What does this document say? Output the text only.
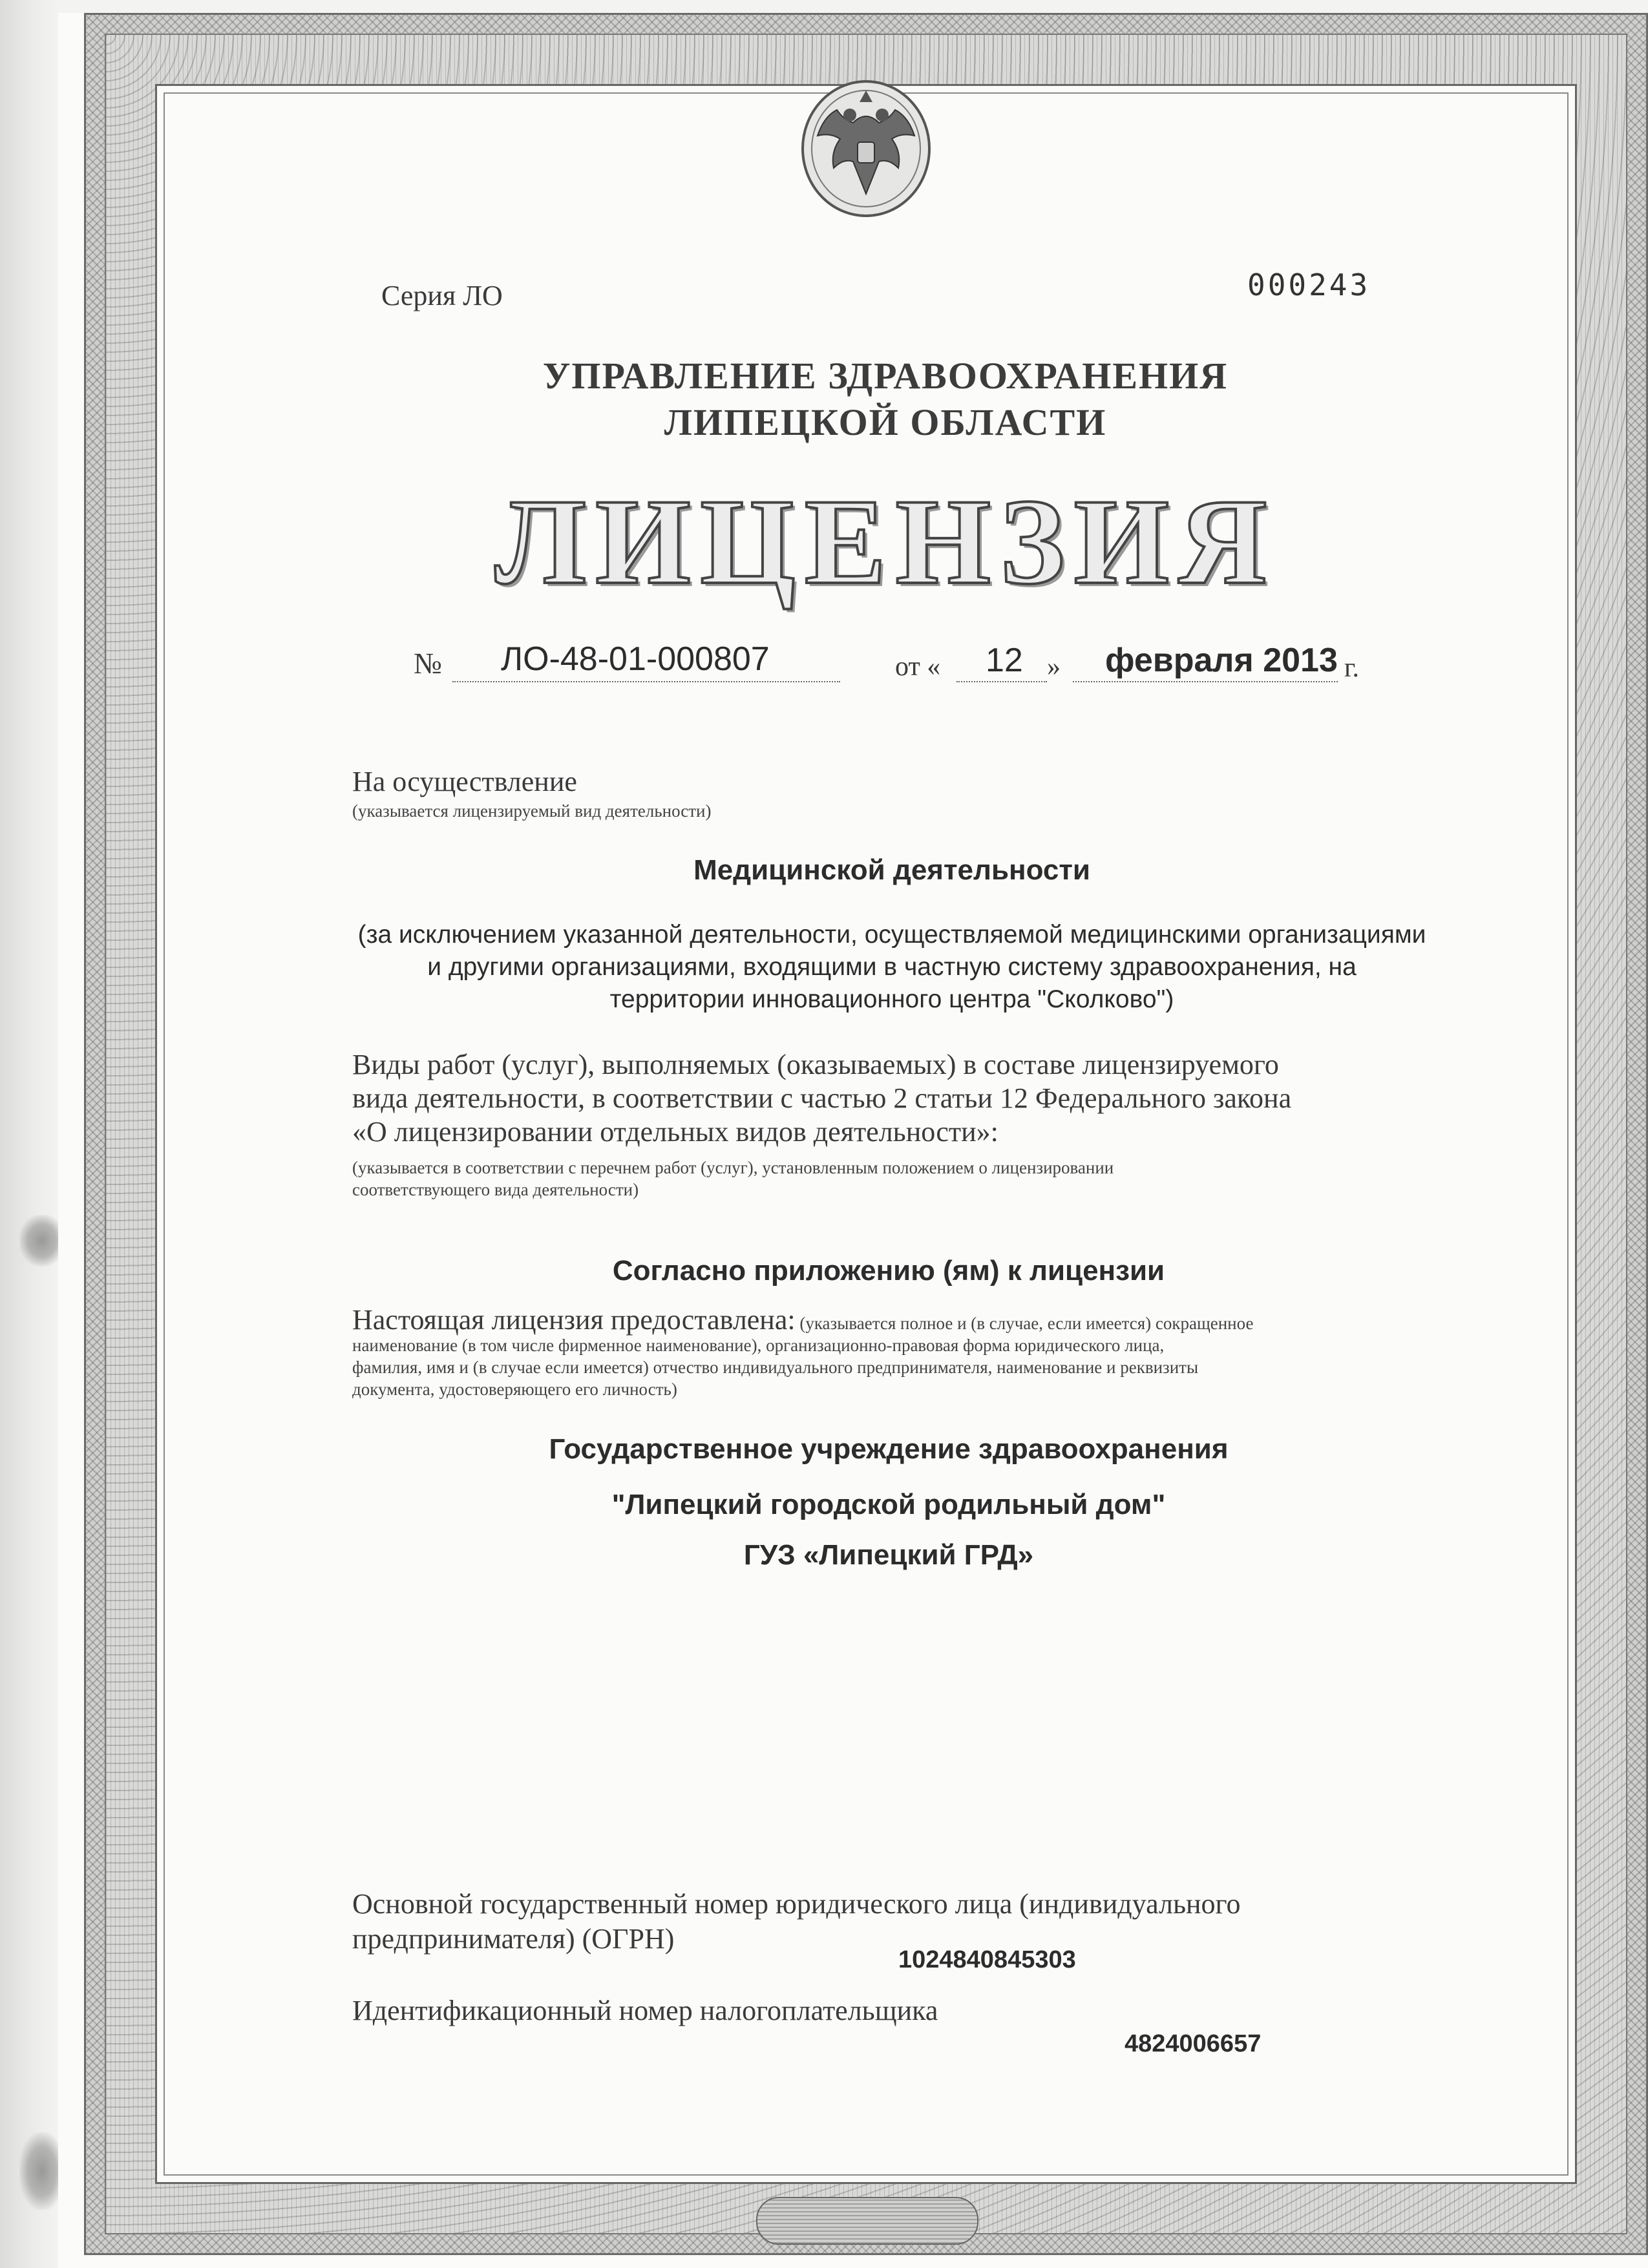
Серия ЛО	000243
УПРАВЛЕНИЕ ЗДРАВООХРАНЕНИЯ
ЛИПЕЦКОЙ ОБЛАСТИ
ЛИЦЕНЗИЯ
№ ЛО-48-01-000807	от « 12 » февраля 2013 г.
На осуществление
(указывается лицензируемый вид деятельности)
Медицинской деятельности
(за исключением указанной деятельности, осуществляемой медицинскими организациями
и другими организациями, входящими в частную систему здравоохранения, на
территории инновационного центра "Сколково")
Виды работ (услуг), выполняемых (оказываемых) в составе лицензируемого
вида деятельности, в соответствии с частью 2 статьи 12 Федерального закона
«О лицензировании отдельных видов деятельности»:
(указывается в соответствии с перечнем работ (услуг), установленным положением о лицензировании
соответствующего вида деятельности)
Согласно приложению (ям) к лицензии
Настоящая лицензия предоставлена: (указывается полное и (в случае, если имеется) сокращенное
наименование (в том числе фирменное наименование), организационно-правовая форма юридического лица,
фамилия, имя и (в случае если имеется) отчество индивидуального предпринимателя, наименование и реквизиты
документа, удостоверяющего его личность)
Государственное учреждение здравоохранения
"Липецкий городской родильный дом"
ГУЗ «Липецкий ГРД»
Основной государственный номер юридического лица (индивидуального
предпринимателя) (ОГРН)
1024840845303
Идентификационный номер налогоплательщика
4824006657
